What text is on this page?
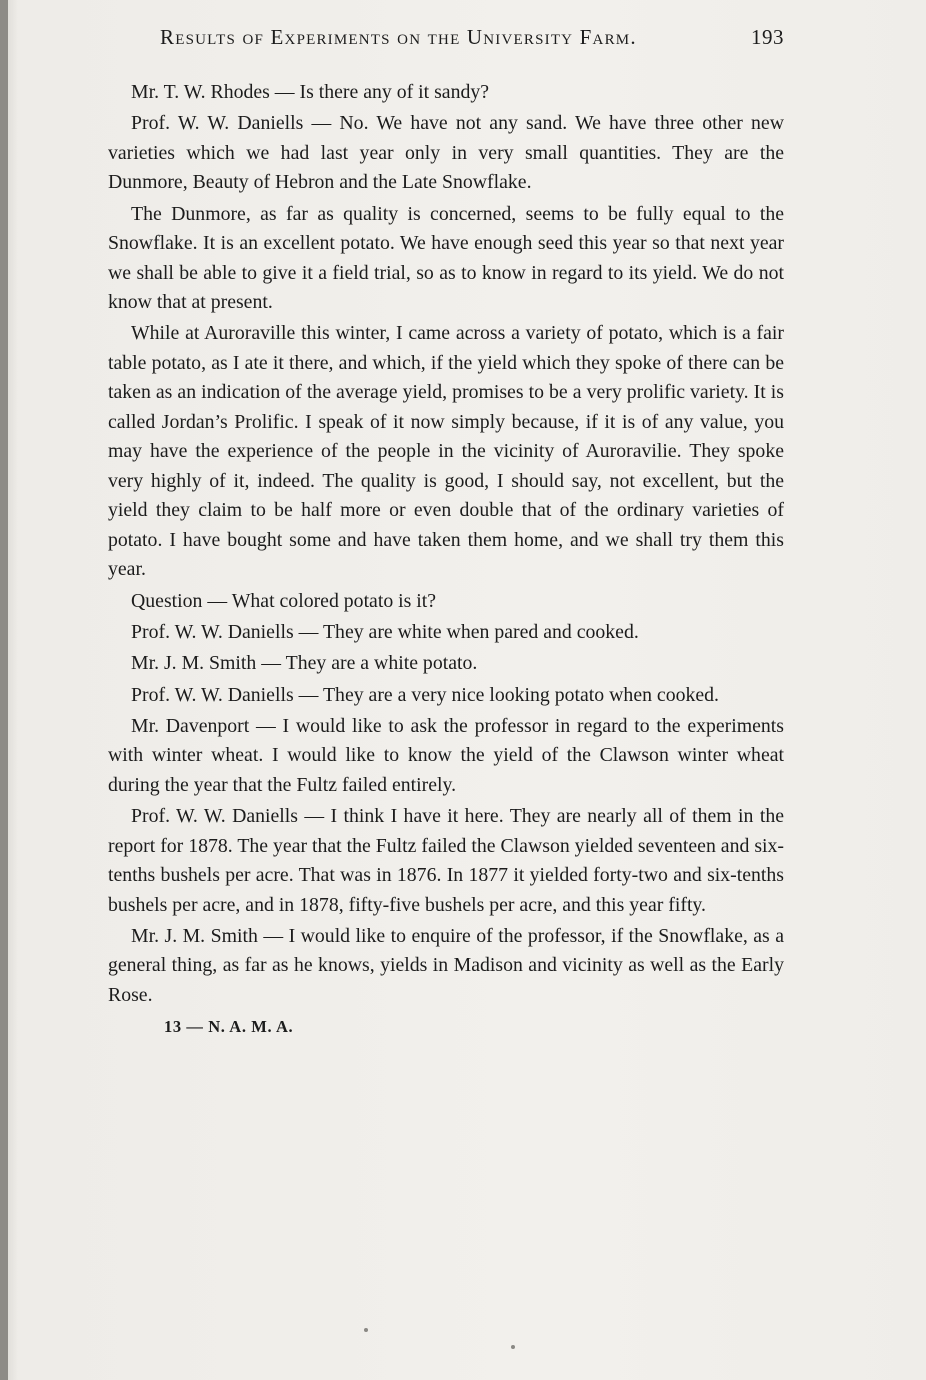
Results of Experiments on the University Farm.	193

Mr. T. W. Rhodes — Is there any of it sandy?

Prof. W. W. Daniells — No. We have not any sand. We have three other new varieties which we had last year only in very small quantities. They are the Dunmore, Beauty of Hebron and the Late Snowflake.

The Dunmore, as far as quality is concerned, seems to be fully equal to the Snowflake. It is an excellent potato. We have enough seed this year so that next year we shall be able to give it a field trial, so as to know in regard to its yield. We do not know that at present.

While at Auroraville this winter, I came across a variety of potato, which is a fair table potato, as I ate it there, and which, if the yield which they spoke of there can be taken as an indication of the average yield, promises to be a very prolific variety. It is called Jordan’s Prolific. I speak of it now simply because, if it is of any value, you may have the experience of the people in the vicinity of Auroravilie. They spoke very highly of it, indeed. The quality is good, I should say, not excellent, but the yield they claim to be half more or even double that of the ordinary varieties of potato. I have bought some and have taken them home, and we shall try them this year.

Question — What colored potato is it?

Prof. W. W. Daniells — They are white when pared and cooked.

Mr. J. M. Smith — They are a white potato.

Prof. W. W. Daniells — They are a very nice looking potato when cooked.

Mr. Davenport — I would like to ask the professor in regard to the experiments with winter wheat. I would like to know the yield of the Clawson winter wheat during the year that the Fultz failed entirely.

Prof. W. W. Daniells — I think I have it here. They are nearly all of them in the report for 1878. The year that the Fultz failed the Clawson yielded seventeen and six-tenths bushels per acre. That was in 1876. In 1877 it yielded forty-two and six-tenths bushels per acre, and in 1878, fifty-five bushels per acre, and this year fifty.

Mr. J. M. Smith — I would like to enquire of the professor, if the Snowflake, as a general thing, as far as he knows, yields in Madison and vicinity as well as the Early Rose.

13 — N. A. M. A.
